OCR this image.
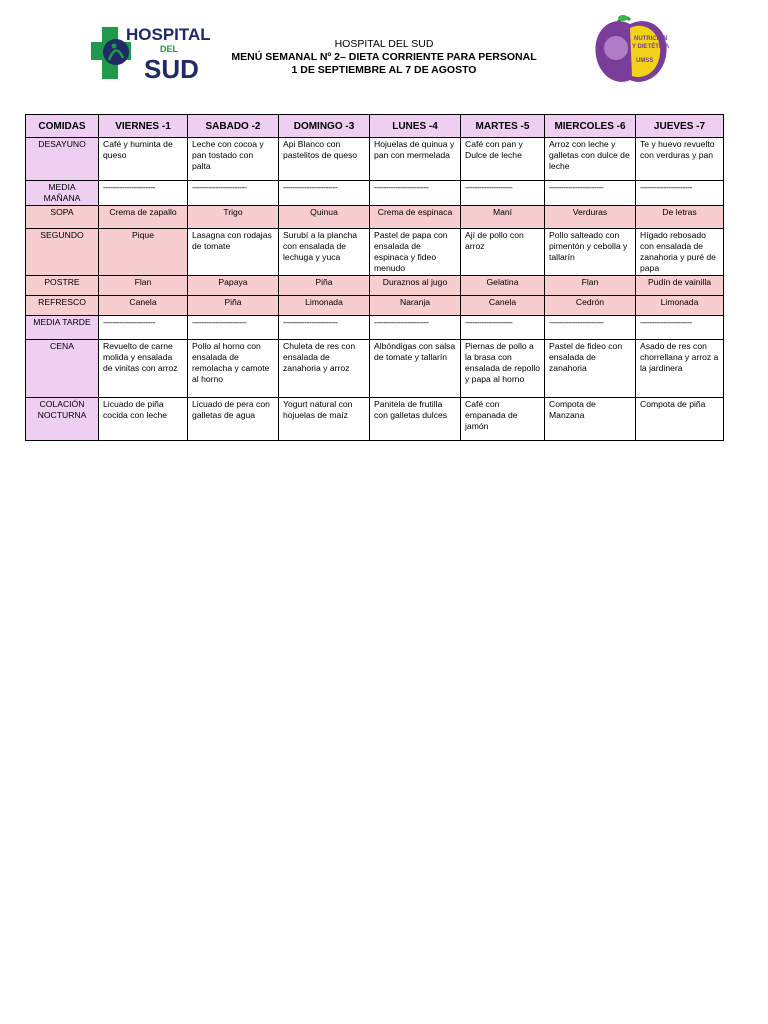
HOSPITAL
DEL
SUD
NUTRICIÓN
Y DIETÉTICA
UMSS
HOSPITAL DEL SUD
MENÚ SEMANAL Nº 2– DIETA CORRIENTE PARA PERSONAL
1 DE SEPTIEMBRE AL 7 DE AGOSTO
COMIDAS	VIERNES -1	SABADO -2	DOMINGO -3	LUNES -4	MARTES -5	MIERCOLES -6	JUEVES -7
DESAYUNO	Café y huminta de queso	Leche con cocoa y pan tostado con palta	Api Blanco con pastelitos de queso	Hojuelas de quinua y pan con mermelada	Café con pan y Dulce de leche	Arroz con leche y galletas con dulce de leche	Te y huevo revuelto con verduras y pan
MEDIA MAÑANA	----------------------	-----------------------	-----------------------	-----------------------	--------------------	-----------------------	----------------------
SOPA	Crema de zapallo	Trigo	Quinua	Crema de espinaca	Maní	Verduras	De letras
SEGUNDO	Pique	Lasagna con rodajas de tomate	Surubí a la plancha con ensalada de lechuga y yuca	Pastel de papa con ensalada de espinaca y fideo menudo	Ají de pollo con arroz	Pollo salteado con pimentón y cebolla y tallarín	Hígado rebosado con ensalada de zanahoria y puré de papa
POSTRE	Flan	Papaya	Piña	Duraznos al jugo	Gelatina	Flan	Pudín de vainilla
REFRESCO	Canela	Piña	Limonada	Naranja	Canela	Cedrón	Limonada
MEDIA TARDE	----------------------	-----------------------	-----------------------	-----------------------	--------------------	-----------------------	----------------------
CENA	Revuelto de carne molida y ensalada de vinitas con arroz	Pollo al horno con ensalada de remolacha y camote al horno	Chuleta de res con ensalada de zanahoria y arroz	Albóndigas con salsa de tomate y tallarín	Piernas de pollo a la brasa con ensalada de repollo y papa al horno	Pastel de fideo con ensalada de zanahoria	Asado de res con chorrellana y arroz a la jardinera
COLACIÓN NOCTURNA	Licuado de piña cocida con leche	Licuado de pera con galletas de agua	Yogurt natural con hojuelas de maíz	Panitela de frutilla con galletas dulces	Café con empanada de jamón	Compota de Manzana	Compota de piña
